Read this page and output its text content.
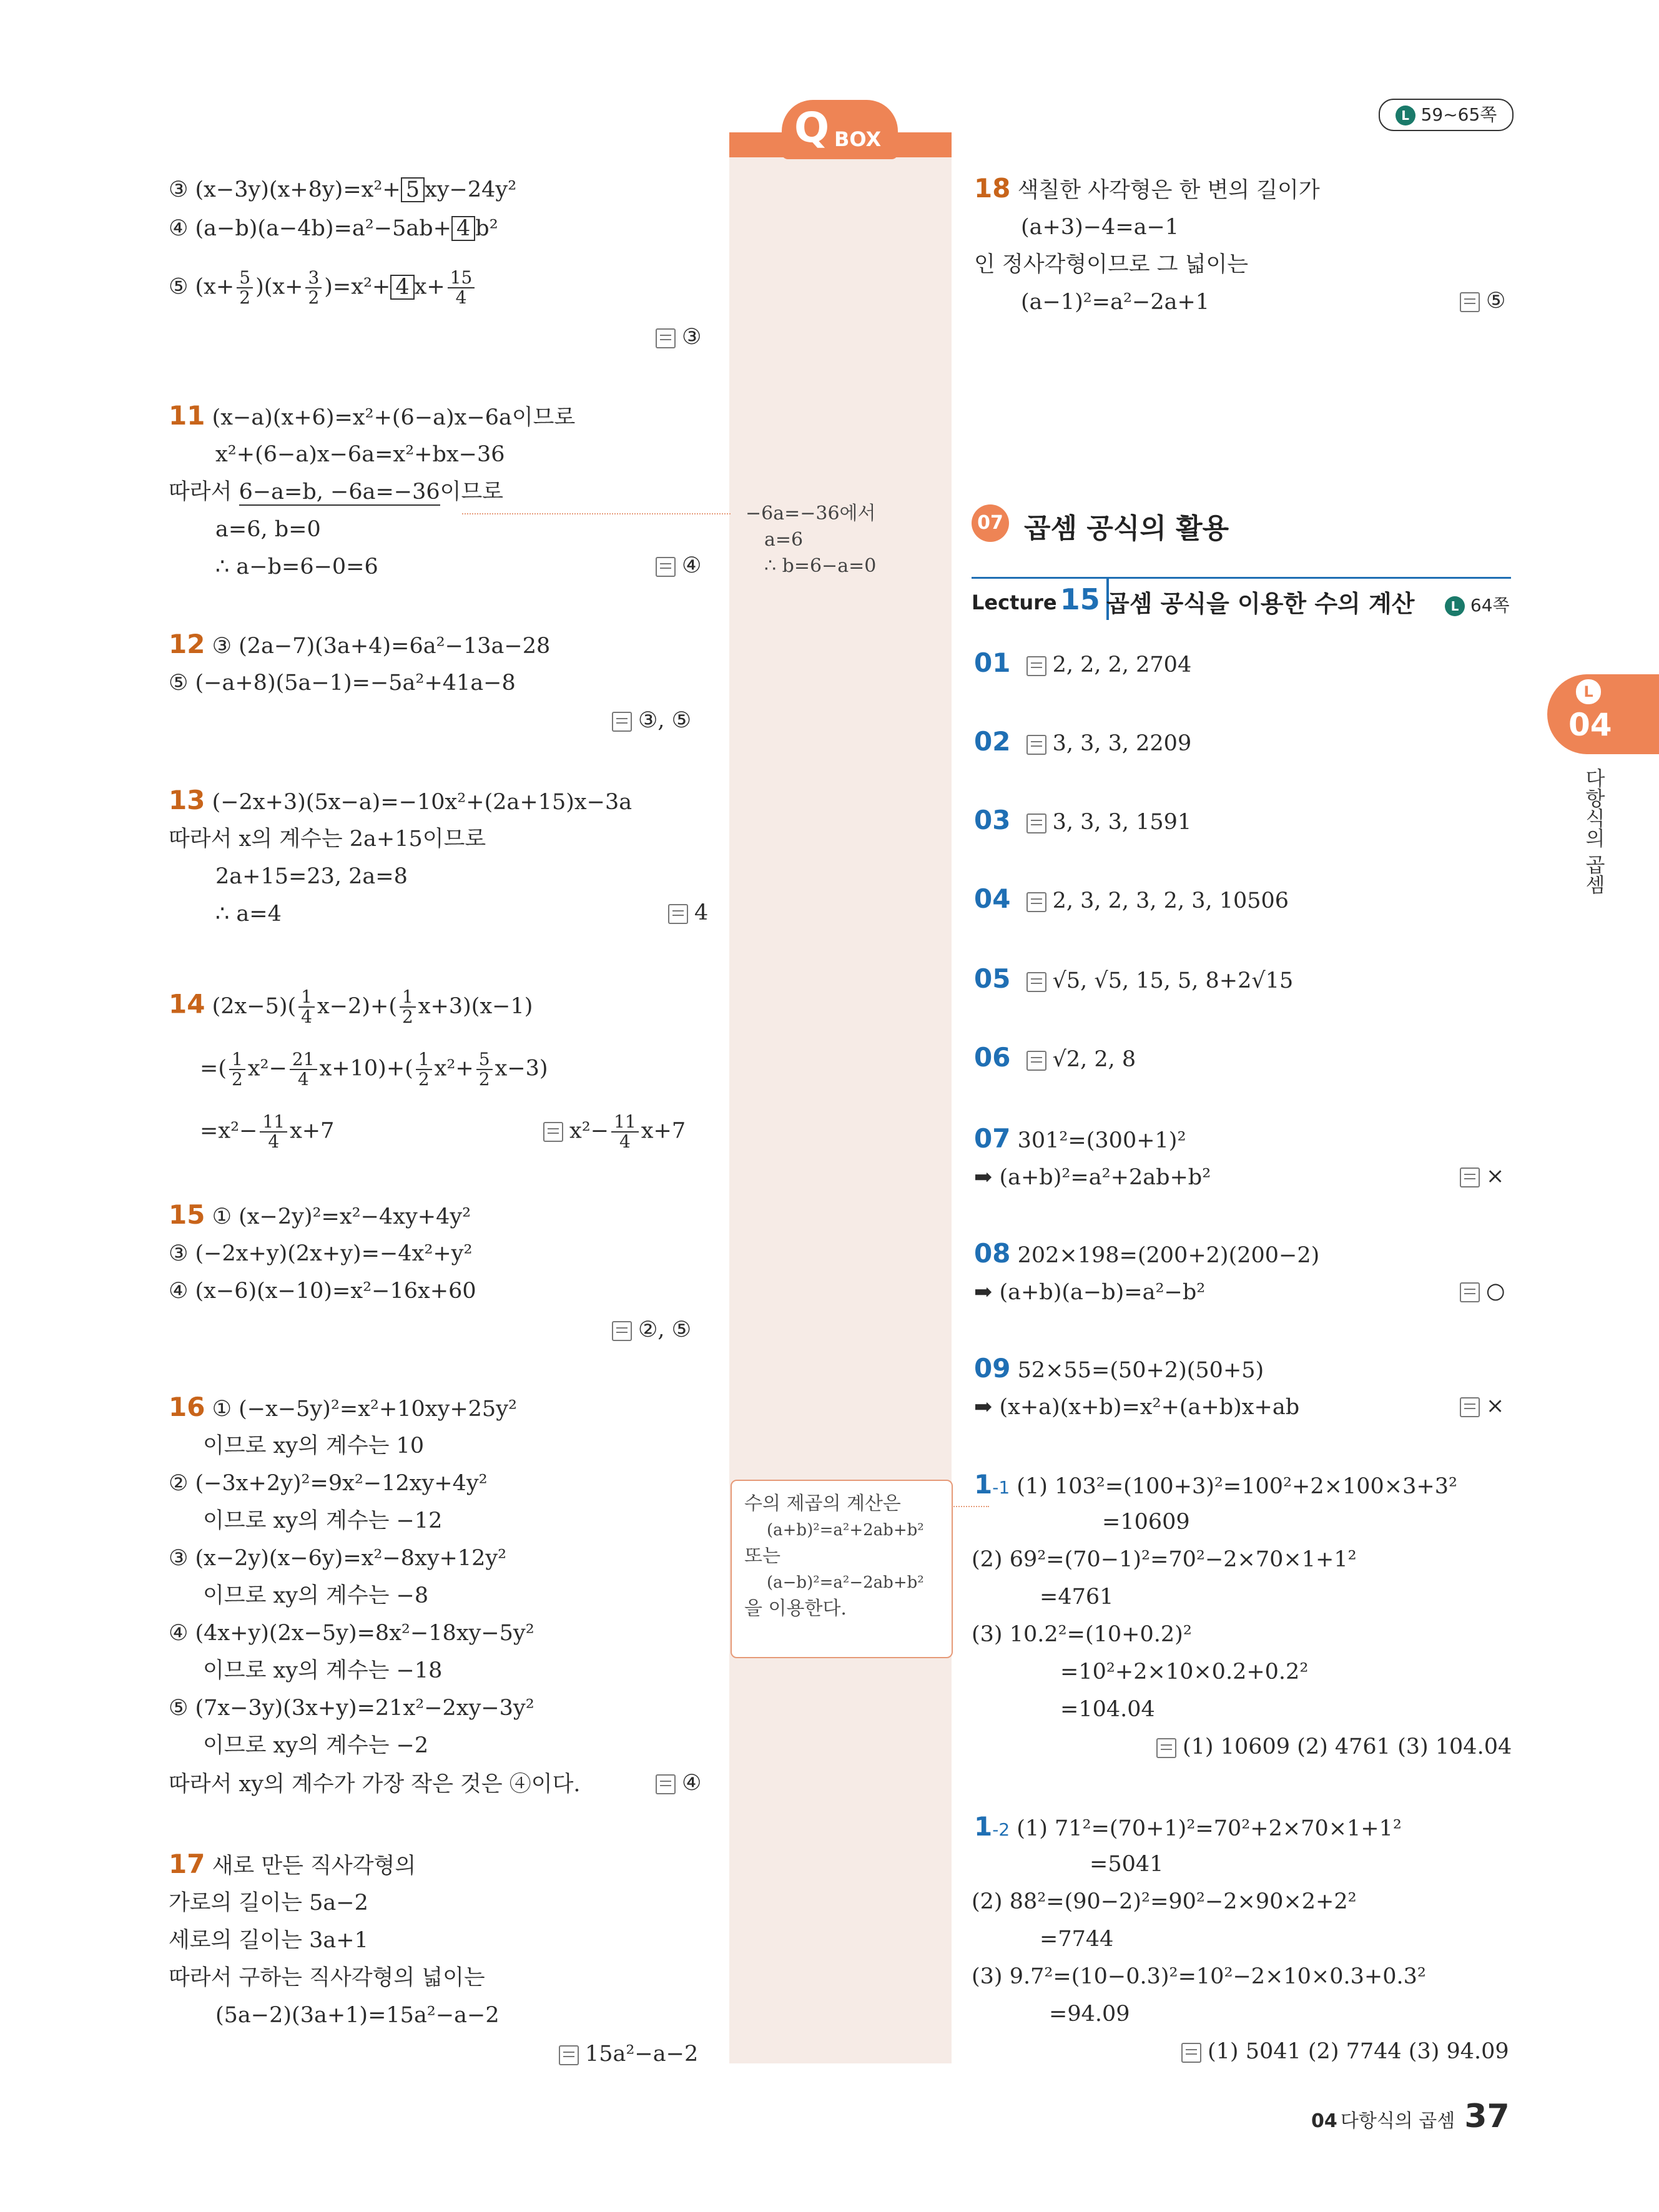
L 59~65쪽
Q BOX
③ (x−3y)(x+8y)=x²+ 5 xy−24y²
④ (a−b)(a−4b)=a²−5ab+ 4 b²
⑤ $(x+ \frac{5}{2} )(x+ \frac{3}{2} )=x^2+ 4$ $x+ \frac{15}{4}$
③
11 (x−a)(x+6)=x²+(6−a)x−6a이므로
x²+(6−a)x−6a=x²+bx−36
따라서 6−a=b, −6a=−36이므로
a=6, b=0
∴ a−b=6−0=6	④
12 ③ (2a−7)(3a+4)=6a²−13a−28
⑤ (−a+8)(5a−1)=−5a²+41a−8
③, ⑤
13 (−2x+3)(5x−a)=−10x²+(2a+15)x−3a
따라서 x의 계수는 2a+15이므로
2a+15=23, 2a=8
∴ a=4	4
14 $(2x-5)( \frac{1}{4} x-2)+( \frac{1}{2} x+3)(x-1)$
=( $\frac{1}{2} x^2- \frac{21}{4} x+10)+( \frac{1}{2} x^2+ \frac{5}{2} x-3)$
$=x^2- \frac{11}{4} x+7$	$x^2- \frac{11}{4} x+7$
15 ① (x−2y)²=x²−4xy+4y²
③ (−2x+y)(2x+y)=−4x²+y²
④ (x−6)(x−10)=x²−16x+60
②, ⑤
16 ① (−x−5y)²=x²+10xy+25y²
이므로 xy의 계수는 10
② (−3x+2y)²=9x²−12xy+4y²
이므로 xy의 계수는 −12
③ (x−2y)(x−6y)=x²−8xy+12y²
이므로 xy의 계수는 −8
④ (4x+y)(2x−5y)=8x²−18xy−5y²
이므로 xy의 계수는 −18
⑤ (7x−3y)(3x+y)=21x²−2xy−3y²
이므로 xy의 계수는 −2
따라서 xy의 계수가 가장 작은 것은 ④이다.	④
17 새로 만든 직사각형의
가로의 길이는 5a−2
세로의 길이는 3a+1
따라서 구하는 직사각형의 넓이는
(5a−2)(3a+1)=15a²−a−2
15a²−a−2
−6a=−36에서
a=6
∴ b=6−a=0
수의 제곱의 계산은
(a+b)²=a²+2ab+b²
또는
(a−b)²=a²−2ab+b²
을 이용한다.
18 색칠한 사각형은 한 변의 길이가
(a+3)−4=a−1
인 정사각형이므로 그 넓이는
(a−1)²=a²−2a+1	⑤
07 곱셈 공식의 활용
Lecture 15 곱셈 공식을 이용한 수의 계산	L 64쪽
01 2, 2, 2, 2704
02 3, 3, 3, 2209
03 3, 3, 3, 1591
04 2, 3, 2, 3, 2, 3, 10506
05 √5, √5, 15, 5, 8+2√15
06 √2, 2, 8
07 301²=(300+1)²
➡ (a+b)²=a²+2ab+b²	×
08 202×198=(200+2)(200−2)
➡ (a+b)(a−b)=a²−b²	○
09 52×55=(50+2)(50+5)
➡ (x+a)(x+b)=x²+(a+b)x+ab	×
1-1 (1) 103²=(100+3)²=100²+2×100×3+3²
=10609
(2) 69²=(70−1)²=70²−2×70×1+1²
=4761
(3) 10.2²=(10+0.2)²
=10²+2×10×0.2+0.2²
=104.04
(1) 10609 (2) 4761 (3) 104.04
1-2 (1) 71²=(70+1)²=70²+2×70×1+1²
=5041
(2) 88²=(90−2)²=90²−2×90×2+2²
=7744
(3) 9.7²=(10−0.3)²=10²−2×10×0.3+0.3²
=94.09
(1) 5041 (2) 7744 (3) 94.09
L
04
다항식의 곱셈
04 다항식의 곱셈 37
